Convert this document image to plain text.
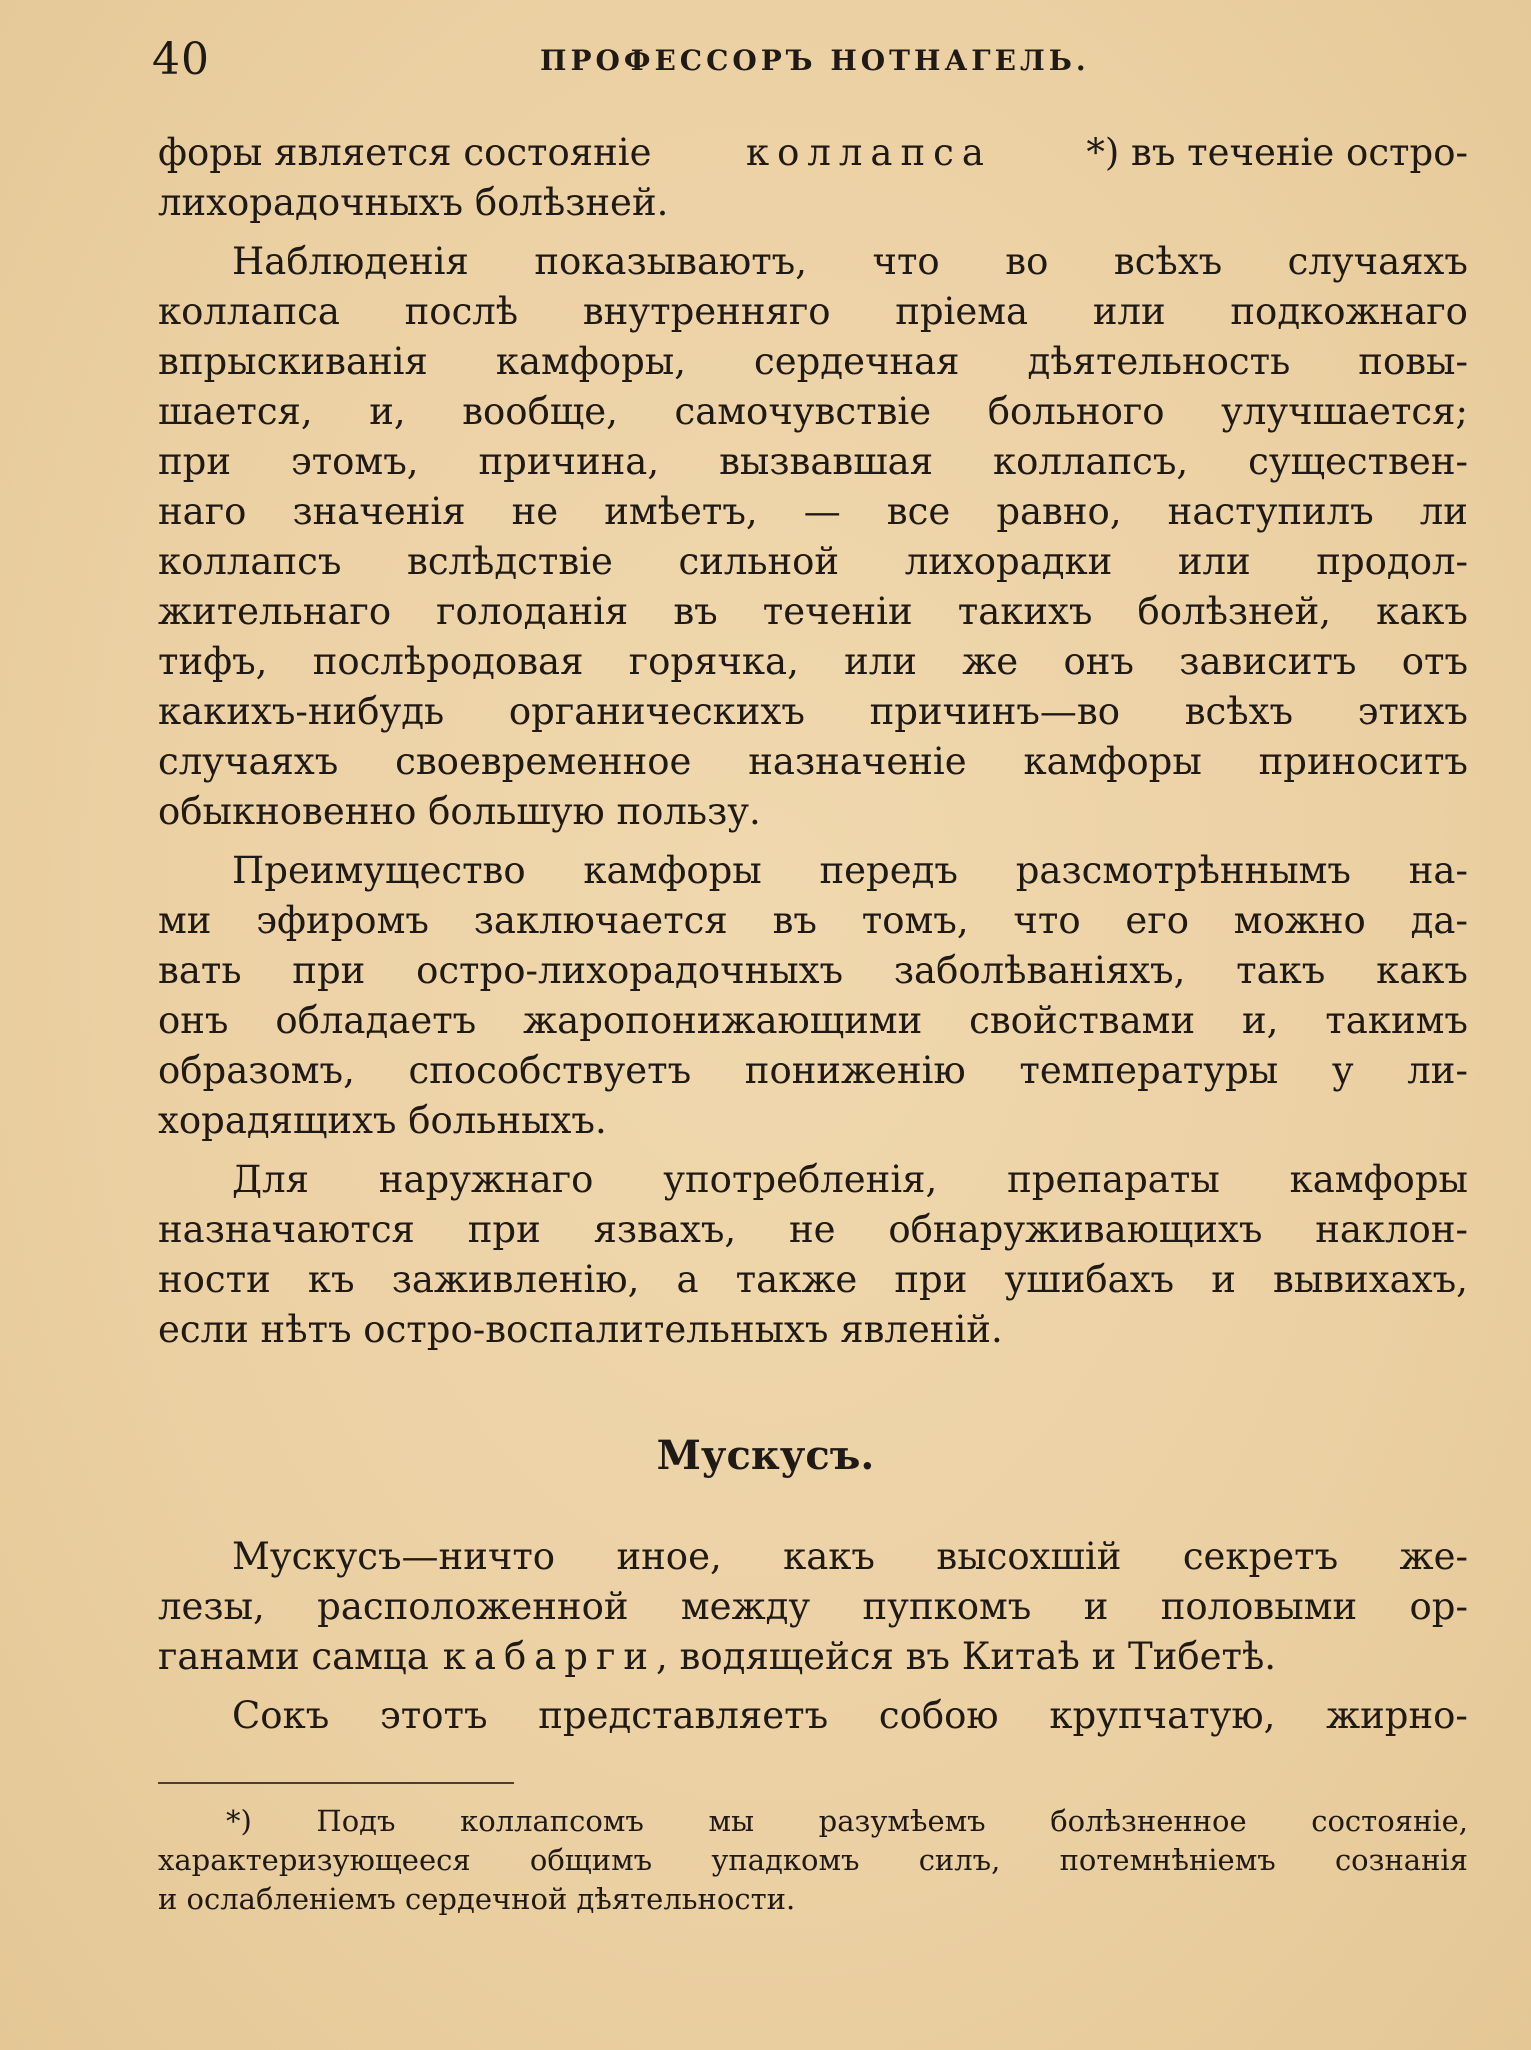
40	ПРОФЕССОРЪ НОТНАГЕЛЬ.
форы является состоянiе	коллапса	*) въ теченiе остро-
лихорадочныхъ болѣзней.
Наблюденiя показываютъ, что во всѣхъ случаяхъ
коллапса послѣ внутренняго прiема или подкожнаго
впрыскиванiя камфоры, сердечная дѣятельность повы-
шается, и, вообще, самочувствiе больного улучшается;
при этомъ, причина, вызвавшая коллапсъ, существен-
наго значенiя не имѣетъ, — все равно, наступилъ ли
коллапсъ вслѣдствiе сильной лихорадки или продол-
жительнаго голоданiя въ теченiи такихъ болѣзней, какъ
тифъ, послѣродовая горячка, или же онъ зависитъ отъ
какихъ-нибудь органическихъ причинъ—во всѣхъ этихъ
случаяхъ своевременное назначенiе камфоры приноситъ
обыкновенно большую пользу.
Преимущество камфоры передъ разсмотрѣннымъ на-
ми эфиромъ заключается въ томъ, что его можно да-
вать при остро-лихорадочныхъ заболѣванiяхъ, такъ какъ
онъ обладаетъ жаропонижающими свойствами и, такимъ
образомъ, способствуетъ пониженiю температуры у ли-
хорадящихъ больныхъ.
Для наружнаго употребленiя, препараты камфоры
назначаются при язвахъ, не обнаруживающихъ наклон-
ности къ заживленiю, а также при ушибахъ и вывихахъ,
если нѣтъ остро-воспалительныхъ явленiй.
Мускусъ.
Мускусъ—ничто иное, какъ высохшiй секретъ же-
лезы, расположенной между пупкомъ и половыми ор-
ганами самца кабарги , водящейся въ Китаѣ и Тибетѣ.
Сокъ этотъ представляетъ собою крупчатую, жирно-
*) Подъ коллапсомъ мы разумѣемъ болѣзненное состоянiе,
характеризующееся общимъ упадкомъ силъ, потемнѣнiемъ сознанiя
и ослабленiемъ сердечной дѣятельности.
